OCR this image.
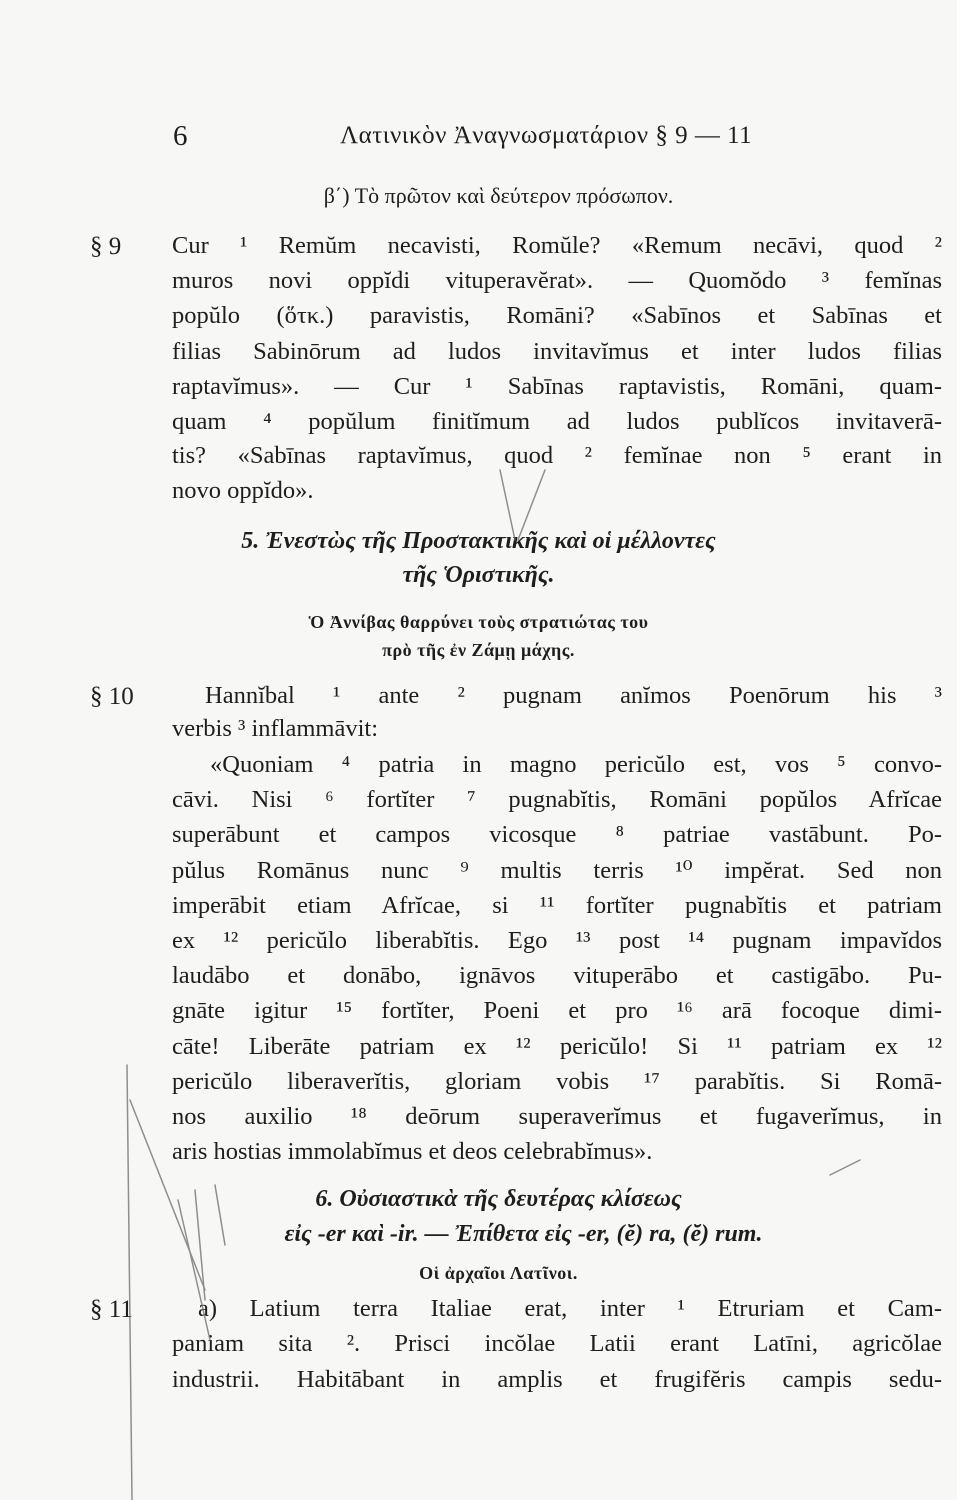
6	Λατινικὸν Ἀναγνωσματάριον § 9 — 11
β΄) Τὸ πρῶτον καὶ δεύτερον πρόσωπον.
§ 9 Cur ¹ Remŭm necavisti, Romŭle? «Remum necāvi, quod ²

muros novi oppĭdi vituperavĕrat». — Quomŏdo ³ femĭnas

popŭlo (ὅτκ.) paravistis, Romāni? «Sabīnos et Sabīnas et

filias Sabinōrum ad ludos invitavĭmus et inter ludos filias

raptavĭmus». — Cur ¹ Sabīnas raptavistis, Romāni, quam-

quam ⁴ popŭlum finitĭmum ad ludos publĭcos invitaverā-

tis? «Sabīnas raptavĭmus, quod ² femĭnae non ⁵ erant in

novo oppĭdo».

5. Ἐνεστὼς τῆς Προστακτικῆς καὶ οἱ μέλλοντες
τῆς Ὁριστικῆς.
Ὁ Ἀννίβας θαρρύνει τοὺς στρατιώτας του
πρὸ τῆς ἐν Ζάμῃ μάχης.
§ 10	Hannĭbal ¹ ante ² pugnam anĭmos Poenōrum his ³

verbis ³ inflammāvit:

«Quoniam ⁴ patria in magno pericŭlo est, vos ⁵ convo-

cāvi. Nisi ⁶ fortĭter ⁷ pugnabĭtis, Romāni popŭlos Afrĭcae

superābunt et campos vicosque ⁸ patriae vastābunt. Po-

pŭlus Romānus nunc ⁹ multis terris ¹⁰ impĕrat. Sed non

imperābit etiam Afrĭcae, si ¹¹ fortĭter pugnabĭtis et patriam

ex ¹² pericŭlo liberabĭtis. Ego ¹³ post ¹⁴ pugnam impavĭdos

laudābo et donābo, ignāvos vituperābo et castigābo. Pu-

gnāte igitur ¹⁵ fortĭter, Poeni et pro ¹⁶ arā focoque dimi-

cāte! Liberāte patriam ex ¹² pericŭlo! Si ¹¹ patriam ex ¹²

pericŭlo liberaverĭtis, gloriam vobis ¹⁷ parabĭtis. Si Romā-

nos auxilio ¹⁸ deōrum superaverĭmus et fugaverĭmus, in

aris hostias immolabĭmus et deos celebrabĭmus».

6. Οὐσιαστικὰ τῆς δευτέρας κλίσεως
εἰς -er καὶ -ir. — Ἐπίθετα εἰς -er, (ĕ) ra, (ĕ) rum.
Οἱ ἀρχαῖοι Λατῖνοι.
§ 11	a) Latium terra Italiae erat, inter ¹ Etruriam et Cam-

paniam sita ². Prisci incŏlae Latii erant Latīni, agricŏlae

industrii. Habitābant in amplis et frugifĕris campis sedu-
